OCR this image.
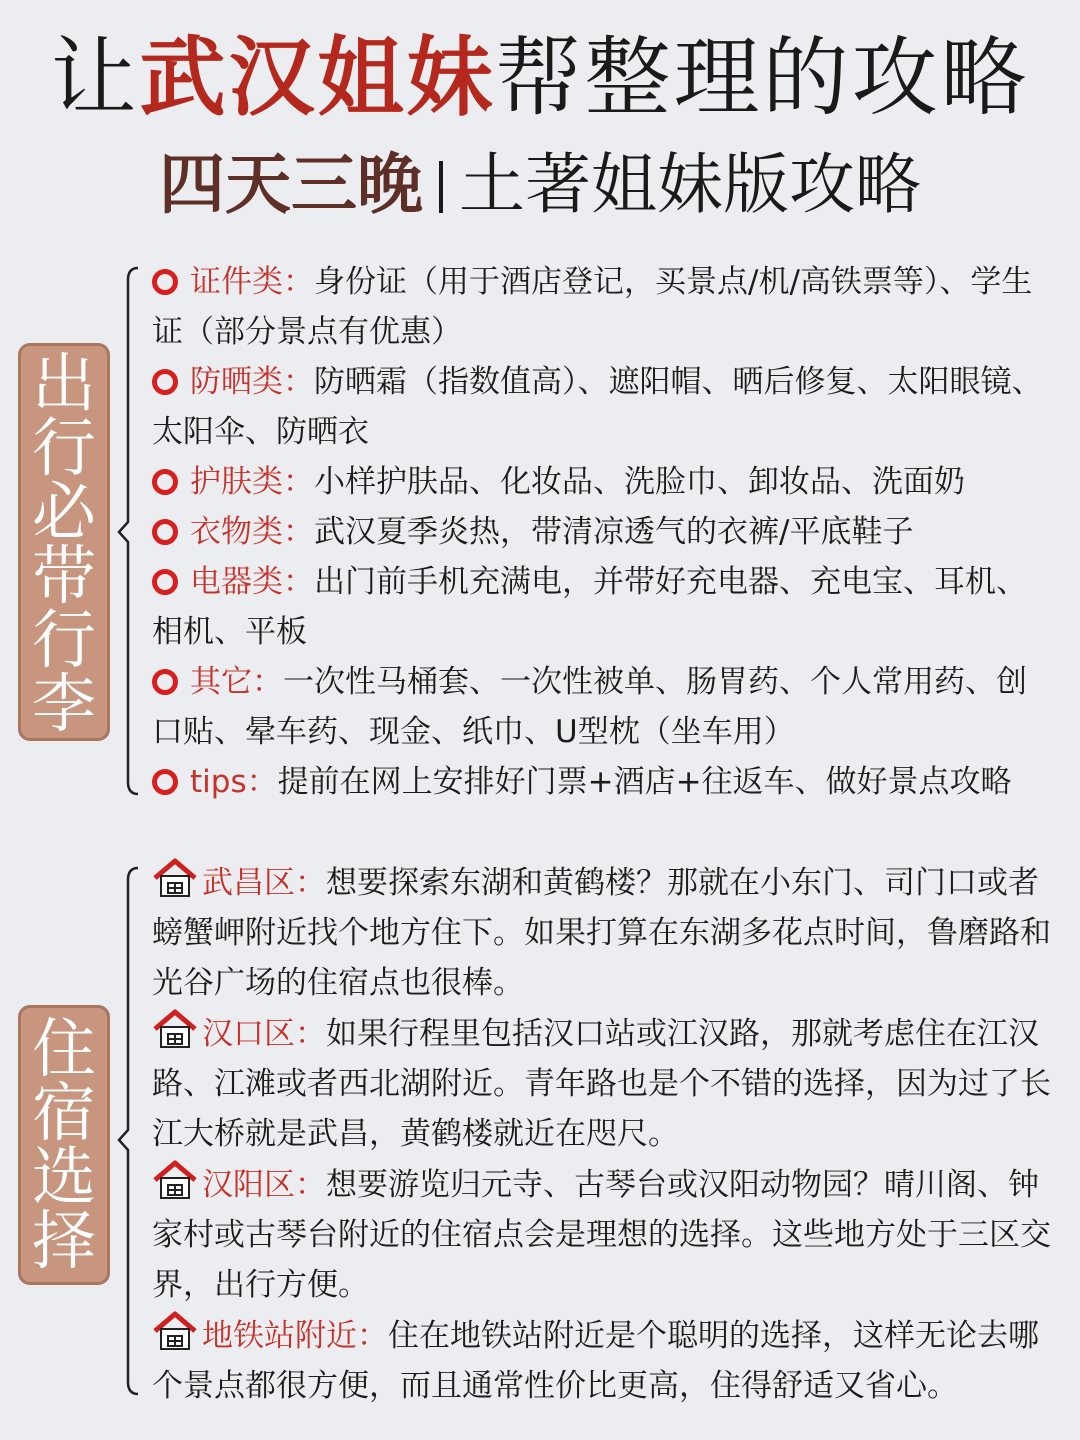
让武汉姐妹帮整理的攻略
四天三晚 土著姐妹版攻略
出
行
必
带
行
李
证件类：身份证（用于酒店登记，买景点/机/高铁票等）、学生证（部分景点有优惠）
防晒类：防晒霜（指数值高）、遮阳帽、晒后修复、太阳眼镜、太阳伞、防晒衣
护肤类：小样护肤品、化妆品、洗脸巾、卸妆品、洗面奶
衣物类：武汉夏季炎热，带清凉透气的衣裤/平底鞋子
电器类：出门前手机充满电，并带好充电器、充电宝、耳机、相机、平板
其它：一次性马桶套、一次性被单、肠胃药、个人常用药、创口贴、晕车药、现金、纸巾、U型枕（坐车用）
tips：提前在网上安排好门票+酒店+往返车、做好景点攻略
住
宿
选
择
武昌区：想要探索东湖和黄鹤楼？那就在小东门、司门口或者螃蟹岬附近找个地方住下。如果打算在东湖多花点时间，鲁磨路和光谷广场的住宿点也很棒。
汉口区：如果行程里包括汉口站或江汉路，那就考虑住在江汉路、江滩或者西北湖附近。青年路也是个不错的选择，因为过了长江大桥就是武昌，黄鹤楼就近在咫尺。
汉阳区：想要游览归元寺、古琴台或汉阳动物园？晴川阁、钟家村或古琴台附近的住宿点会是理想的选择。这些地方处于三区交界，出行方便。
地铁站附近：住在地铁站附近是个聪明的选择，这样无论去哪个景点都很方便，而且通常性价比更高，住得舒适又省心。
